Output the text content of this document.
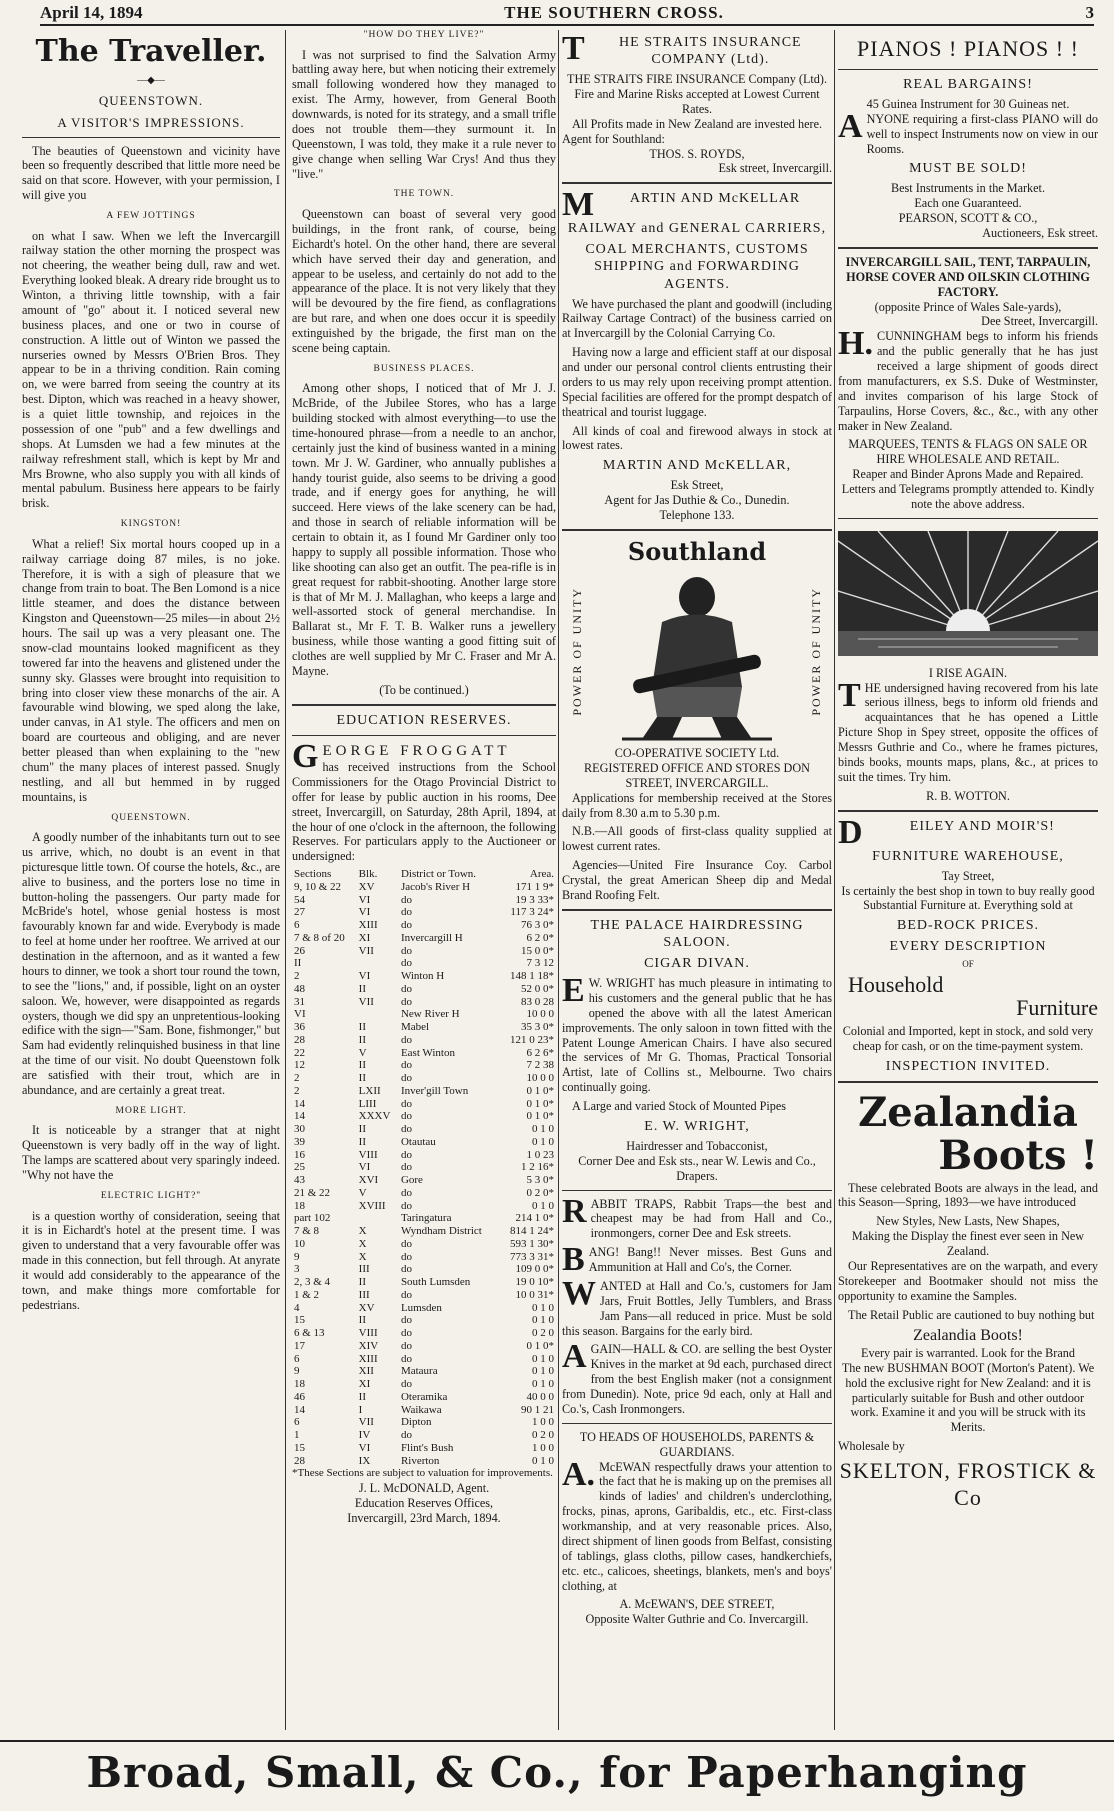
April 14, 1894	THE SOUTHERN CROSS.	3
The Traveller.
—◆—
QUEENSTOWN.
A VISITOR'S IMPRESSIONS.

The beauties of Queenstown and vicinity have been so frequently described that little more need be said on that score. However, with your permission, I will give you

A FEW JOTTINGS

on what I saw. When we left the Invercargill railway station the other morning the prospect was not cheering, the weather being dull, raw and wet. Everything looked bleak. A dreary ride brought us to Winton, a thriving little township, with a fair amount of "go" about it. I noticed several new business places, and one or two in course of construction. A little out of Winton we passed the nurseries owned by Messrs O'Brien Bros. They appear to be in a thriving condition. Rain coming on, we were barred from seeing the country at its best. Dipton, which was reached in a heavy shower, is a quiet little township, and rejoices in the possession of one "pub" and a few dwellings and shops. At Lumsden we had a few minutes at the railway refreshment stall, which is kept by Mr and Mrs Browne, who also supply you with all kinds of mental pabulum. Business here appears to be fairly brisk.

KINGSTON!

What a relief! Six mortal hours cooped up in a railway carriage doing 87 miles, is no joke. Therefore, it is with a sigh of pleasure that we change from train to boat. The Ben Lomond is a nice little steamer, and does the distance between Kingston and Queenstown—25 miles—in about 2½ hours. The sail up was a very pleasant one. The snow-clad mountains looked magnificent as they towered far into the heavens and glistened under the sunny sky. Glasses were brought into requisition to bring into closer view these monarchs of the air. A favourable wind blowing, we sped along the lake, under canvas, in A1 style. The officers and men on board are courteous and obliging, and are never better pleased than when explaining to the "new chum" the many places of interest passed. Snugly nestling, and all but hemmed in by rugged mountains, is

QUEENSTOWN.

A goodly number of the inhabitants turn out to see us arrive, which, no doubt is an event in that picturesque little town. Of course the hotels, &c., are alive to business, and the porters lose no time in button-holing the passengers. Our party made for McBride's hotel, whose genial hostess is most favourably known far and wide. Everybody is made to feel at home under her rooftree. We arrived at our destination in the afternoon, and as it wanted a few hours to dinner, we took a short tour round the town, to see the "lions," and, if possible, light on an oyster saloon. We, however, were disappointed as regards oysters, though we did spy an unpretentious-looking edifice with the sign—"Sam. Bone, fishmonger," but Sam had evidently relinquished business in that line at the time of our visit. No doubt Queenstown folk are satisfied with their trout, which are in abundance, and are certainly a great treat.

MORE LIGHT.

It is noticeable by a stranger that at night Queenstown is very badly off in the way of light. The lamps are scattered about very sparingly indeed. "Why not have the

ELECTRIC LIGHT?"

is a question worthy of consideration, seeing that it is in Eichardt's hotel at the present time. I was given to understand that a very favourable offer was made in this connection, but fell through. At anyrate it would add considerably to the appearance of the town, and make things more comfortable for pedestrians.

"HOW DO THEY LIVE?"

I was not surprised to find the Salvation Army battling away here, but when noticing their extremely small following wondered how they managed to exist. The Army, however, from General Booth downwards, is noted for its strategy, and a small trifle does not trouble them—they surmount it. In Queenstown, I was told, they make it a rule never to give change when selling War Crys! And thus they "live."

THE TOWN.

Queenstown can boast of several very good buildings, in the front rank, of course, being Eichardt's hotel. On the other hand, there are several which have served their day and generation, and appear to be useless, and certainly do not add to the appearance of the place. It is not very likely that they will be devoured by the fire fiend, as conflagrations are but rare, and when one does occur it is speedily extinguished by the brigade, the first man on the scene being captain.

BUSINESS PLACES.

Among other shops, I noticed that of Mr J. J. McBride, of the Jubilee Stores, who has a large building stocked with almost everything—to use the time-honoured phrase—from a needle to an anchor, certainly just the kind of business wanted in a mining town. Mr J. W. Gardiner, who annually publishes a handy tourist guide, also seems to be driving a good trade, and if energy goes for anything, he will succeed. Here views of the lake scenery can be had, and those in search of reliable information will be certain to obtain it, as I found Mr Gardiner only too happy to supply all possible information. Those who like shooting can also get an outfit. The pea-rifle is in great request for rabbit-shooting. Another large store is that of Mr M. J. Mallaghan, who keeps a large and well-assorted stock of general merchandise. In Ballarat st., Mr F. T. B. Walker runs a jewellery business, while those wanting a good fitting suit of clothes are well supplied by Mr C. Fraser and Mr A. Mayne.

(To be continued.)
EDUCATION RESERVES.
G EORGE FROGGATT

has received instructions from the School Commissioners for the Otago Provincial District to offer for lease by public auction in his rooms, Dee street, Invercargill, on Saturday, 28th April, 1894, at the hour of one o'clock in the afternoon, the following Reserves. For particulars apply to the Auctioneer or undersigned:

Sections	Blk.	District or Town.	Area.
9, 10 & 22	XV	Jacob's River H	171 1 9*
54	VI	do	19 3 33*
27	VI	do	117 3 24*
6	XIII	do	76 3 0*
7 & 8 of 20	XI	Invercargill H	6 2 0*
26	VII	do	15 0 0*
II		do	7 3 12
2	VI	Winton H	148 1 18*
48	II	do	52 0 0*
31	VII	do	83 0 28
VI		New River H	10 0 0
36	II	Mabel	35 3 0*
28	II	do	121 0 23*
22	V	East Winton	6 2 6*
12	II	do	7 2 38
2	II	do	10 0 0
2	LXII	Inver'gill Town	0 1 0*
14	LIII	do	0 1 0*
14	XXXV	do	0 1 0*
30	II	do	0 1 0
39	II	Otautau	0 1 0
16	VIII	do	1 0 23
25	VI	do	1 2 16*
43	XVI	Gore	5 3 0*
21 & 22	V	do	0 2 0*
18	XVIII	do	0 1 0
part 102		Taringatura	214 1 0*
7 & 8	X	Wyndham District	814 1 24*
10	X	do	593 1 30*
9	X	do	773 3 31*
3	III	do	109 0 0*
2, 3 & 4	II	South Lumsden	19 0 10*
1 & 2	III	do	10 0 31*
4	XV	Lumsden	0 1 0
15	II	do	0 1 0
6 & 13	VIII	do	0 2 0
17	XIV	do	0 1 0*
6	XIII	do	0 1 0
9	XII	Mataura	0 1 0
18	XI	do	0 1 0
46	II	Oteramika	40 0 0
14	I	Waikawa	90 1 21
6	VII	Dipton	1 0 0
1	IV	do	0 2 0
15	VI	Flint's Bush	1 0 0
28	IX	Riverton	0 1 0
*These Sections are subject to valuation for improvements.
J. L. McDONALD, Agent.
Education Reserves Offices,
Invercargill, 23rd March, 1894.
T	HE STRAITS INSURANCE COMPANY (Ltd).
THE STRAITS FIRE INSURANCE Company (Ltd).
Fire and Marine Risks accepted at Lowest Current Rates.
All Profits made in New Zealand are invested here.
Agent for Southland:
THOS. S. ROYDS,
Esk street, Invercargill.
M	ARTIN AND McKELLAR
RAILWAY and GENERAL CARRIERS,
COAL MERCHANTS, CUSTOMS SHIPPING and FORWARDING AGENTS.

We have purchased the plant and goodwill (including Railway Cartage Contract) of the business carried on at Invercargill by the Colonial Carrying Co.

Having now a large and efficient staff at our disposal and under our personal control clients entrusting their orders to us may rely upon receiving prompt attention. Special facilities are offered for the prompt despatch of theatrical and tourist luggage.

All kinds of coal and firewood always in stock at lowest rates.

MARTIN AND McKELLAR,
Esk Street,
Agent for Jas Duthie & Co., Dunedin.
Telephone 133.
Southland
POWER OF UNITY	POWER OF UNITY
CO-OPERATIVE SOCIETY Ltd.
REGISTERED OFFICE AND STORES DON STREET, INVERCARGILL.

Applications for membership received at the Stores daily from 8.30 a.m to 5.30 p.m.

N.B.—All goods of first-class quality supplied at lowest current rates.

Agencies—United Fire Insurance Coy. Carbol Crystal, the great American Sheep dip and Medal Brand Roofing Felt.

THE PALACE HAIRDRESSING SALOON.
CIGAR DIVAN.
E W. WRIGHT has much pleasure in intimating to his customers and the general public that he has opened the above with all the latest American improvements. The only saloon in town fitted with the Patent Lounge American Chairs. I have also secured the services of Mr G. Thomas, Practical Tonsorial Artist, late of Collins st., Melbourne. Two chairs continually going.

A Large and varied Stock of Mounted Pipes

E. W. WRIGHT,
Hairdresser and Tobacconist,
Corner Dee and Esk sts., near W. Lewis and Co., Drapers.
R ABBIT TRAPS, Rabbit Traps—the best and cheapest may be had from Hall and Co., ironmongers, corner Dee and Esk streets.

B ANG! Bang!! Never misses. Best Guns and Ammunition at Hall and Co's, the Corner.

W ANTED at Hall and Co.'s, customers for Jam Jars, Fruit Bottles, Jelly Tumblers, and Brass Jam Pans—all reduced in price. Must be sold this season. Bargains for the early bird.

A GAIN—HALL & CO. are selling the best Oyster Knives in the market at 9d each, purchased direct from the best English maker (not a consignment from Dunedin). Note, price 9d each, only at Hall and Co.'s, Cash Ironmongers.

TO HEADS OF HOUSEHOLDS, PARENTS & GUARDIANS.
A. McEWAN respectfully draws your attention to the fact that he is making up on the premises all kinds of ladies' and children's underclothing, frocks, pinas, aprons, Garibaldis, etc., etc. First-class workmanship, and at very reasonable prices. Also, direct shipment of linen goods from Belfast, consisting of tablings, glass cloths, pillow cases, handkerchiefs, etc. etc., calicoes, sheetings, blankets, men's and boys' clothing, at

A. McEWAN'S, DEE STREET,
Opposite Walter Guthrie and Co. Invercargill.
PIANOS ! PIANOS ! !
REAL BARGAINS!
45 Guinea Instrument for 30 Guineas net.
A NYONE requiring a first-class PIANO will do well to inspect Instruments now on view in our Rooms.

MUST BE SOLD!
Best Instruments in the Market.
Each one Guaranteed.
PEARSON, SCOTT & CO.,
Auctioneers, Esk street.
INVERCARGILL SAIL, TENT, TARPAULIN, HORSE COVER AND OILSKIN CLOTHING FACTORY.
(opposite Prince of Wales Sale-yards),
Dee Street, Invercargill.
H. CUNNINGHAM begs to inform his friends and the public generally that he has just received a large shipment of goods direct from manufacturers, ex S.S. Duke of Westminster, and invites comparison of his large Stock of Tarpaulins, Horse Covers, &c., &c., with any other maker in New Zealand.

MARQUEES, TENTS & FLAGS ON SALE OR HIRE WHOLESALE AND RETAIL.
Reaper and Binder Aprons Made and Repaired.
Letters and Telegrams promptly attended to. Kindly note the above address.
I RISE AGAIN.
T HE undersigned having recovered from his late serious illness, begs to inform old friends and acquaintances that he has opened a Little Picture Shop in Spey street, opposite the offices of Messrs Guthrie and Co., where he frames pictures, binds books, mounts maps, plans, &c., at prices to suit the times. Try him.

R. B. WOTTON.
D	EILEY AND MOIR'S!
FURNITURE WAREHOUSE,
Tay Street,
Is certainly the best shop in town to buy really good Substantial Furniture at. Everything sold at
BED-ROCK PRICES.
EVERY DESCRIPTION
OF
Household
Furniture
Colonial and Imported, kept in stock, and sold very cheap for cash, or on the time-payment system.
INSPECTION INVITED.
Zealandia
Boots !

These celebrated Boots are always in the lead, and this Season—Spring, 1893—we have introduced

New Styles, New Lasts, New Shapes,
Making the Display the finest ever seen in New Zealand.

Our Representatives are on the warpath, and every Storekeeper and Bootmaker should not miss the opportunity to examine the Samples.

The Retail Public are cautioned to buy nothing but

Zealandia Boots!
Every pair is warranted. Look for the Brand

The new BUSHMAN BOOT (Morton's Patent). We hold the exclusive right for New Zealand: and it is particularly suitable for Bush and other outdoor work. Examine it and you will be struck with its Merits.

Wholesale by
SKELTON, FROSTICK & Co
Broad, Small, & Co., for Paperhanging
